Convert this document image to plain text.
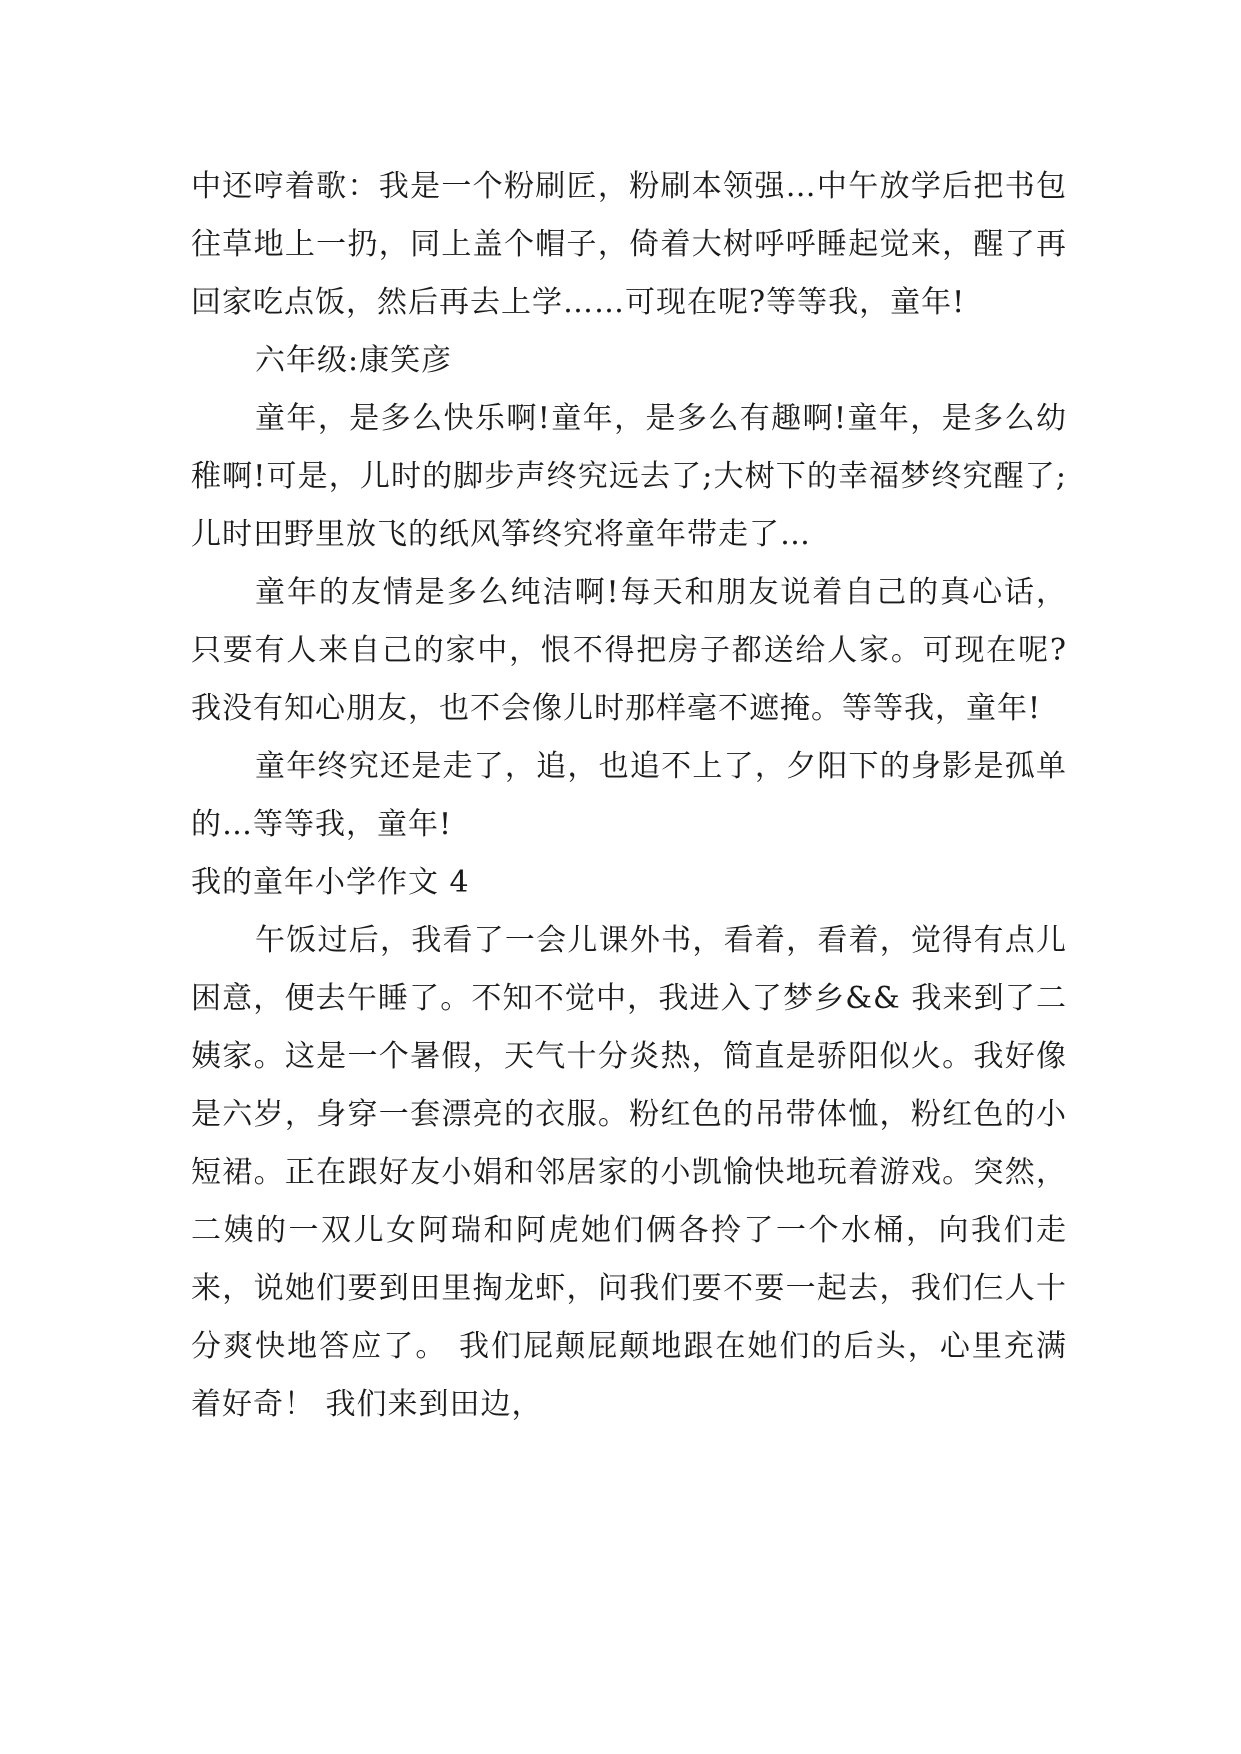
中还哼着歌：我是一个粉刷匠，粉刷本领强…中午放学后把书包往草地上一扔，同上盖个帽子，倚着大树呼呼睡起觉来，醒了再回家吃点饭，然后再去上学……可现在呢?等等我，童年!

六年级:康笑彦

童年，是多么快乐啊!童年，是多么有趣啊!童年，是多么幼稚啊!可是，儿时的脚步声终究远去了;大树下的幸福梦终究醒了;儿时田野里放飞的纸风筝终究将童年带走了…

童年的友情是多么纯洁啊!每天和朋友说着自己的真心话，只要有人来自己的家中，恨不得把房子都送给人家。可现在呢?我没有知心朋友，也不会像儿时那样毫不遮掩。等等我，童年!

童年终究还是走了，追，也追不上了，夕阳下的身影是孤单的…等等我，童年!

我的童年小学作文 4

午饭过后，我看了一会儿课外书，看着，看着，觉得有点儿困意，便去午睡了。不知不觉中，我进入了梦乡&& 我来到了二姨家。这是一个暑假，天气十分炎热，简直是骄阳似火。我好像是六岁，身穿一套漂亮的衣服。粉红色的吊带体恤，粉红色的小短裙。正在跟好友小娟和邻居家的小凯愉快地玩着游戏。突然，二姨的一双儿女阿瑞和阿虎她们俩各拎了一个水桶，向我们走来，说她们要到田里掏龙虾，问我们要不要一起去，我们仨人十分爽快地答应了。 我们屁颠屁颠地跟在她们的后头，心里充满着好奇！ 我们来到田边，
